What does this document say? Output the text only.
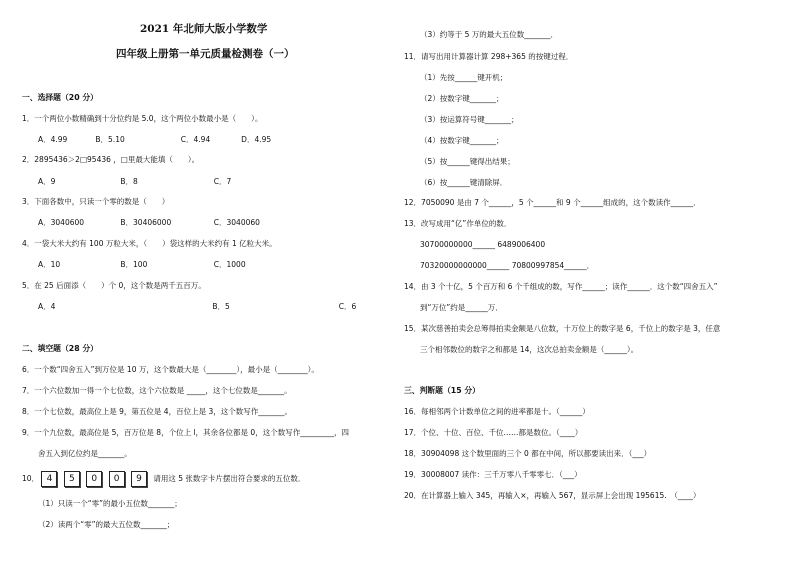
2021 年北师大版小学数学
四年级上册第一单元质量检测卷（一）
一、选择题（20 分）
1．一个两位小数精确到十分位约是 5.0，这个两位小数最小是（　　）。
A．4.99	B．5.10	C．4.94	D．4.95
2．2895436＞2□95436 ，□里最大能填（　　）。
A．9	B．8	C．7
3．下面各数中，只读一个零的数是（　　）
A．3040600	B．30406000	C．3040060
4．一袋大米大约有 100 万粒大米，（　　）袋这样的大米约有 1 亿粒大米。
A．10	B．100	C．1000
5．在 25 后面添（　　）个 0，这个数是两千五百万。
A．4	B．5	C．6
二、填空题（28 分）
6．一个数“四舍五入”到万位是 10 万，这个数最大是（________），最小是（________）。
7．一个六位数加一得一个七位数，这个六位数是 _____，这个七位数是_______。
8．一个七位数，最高位上是 9，第五位是 4，百位上是 3，这个数写作_______。
9．一个九位数，最高位是 5，百万位是 8，个位上 l，其余各位都是 0，这个数写作_________，四
舍五入到亿位约是_______。
10． 4 5 0 0 9 请用这 5 张数字卡片摆出符合要求的五位数．
（1）只读一个“零”的最小五位数_______；
（2）读两个“零”的最大五位数_______；
（3）约等于 5 万的最大五位数_______．
11．请写出用计算器计算 298+365 的按键过程．
（1）先按______键开机；
（2）按数字键_______；
（3）按运算符号键_______；
（4）按数字键_______；
（5）按______键得出结果；
（6）按______键清除屏．
12．7050090 是由 7 个______，5 个______和 9 个______组成的，这个数读作______．
13．改写成用“亿”作单位的数．
30700000000______ 6489006400
70320000000000______ 70800997854______．
14．由 3 个十亿，5 个百万和 6 个千组成的数，写作______；读作______．这个数“四舍五入”
到“万位”约是______万．
15．某次慈善拍卖会总筹得拍卖金额是八位数，十万位上的数字是 6，千位上的数字是 3，任意
三个相邻数位的数字之和都是 14，这次总拍卖金额是（______）。
三、判断题（15 分）
16．每相邻两个计数单位之间的进率都是十。（______）
17．个位、十位、百位、千位……都是数位。（____）
18．30904098 这个数里面的三个 0 都在中间，所以都要读出来．（___）
19．30008007 读作：三千万零八千零零七．（___）
20．在计算器上输入 345，再输入×，再输入 567，显示屏上会出现 195615.　（____）
